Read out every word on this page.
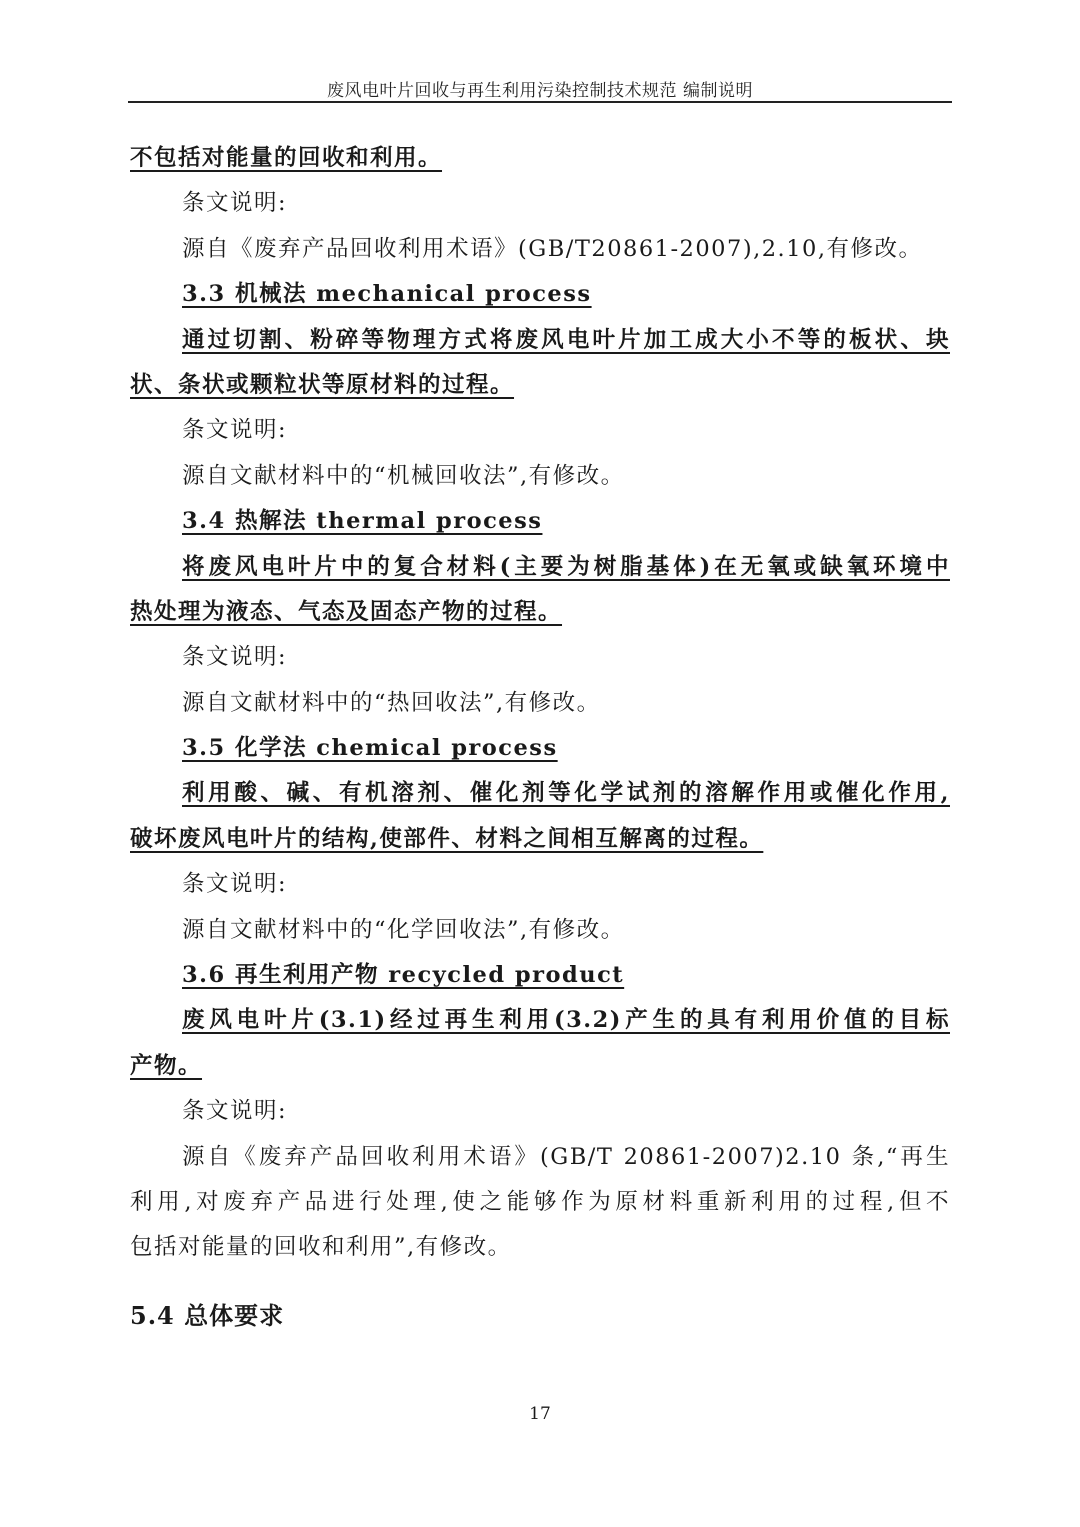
废风电叶片回收与再生利用污染控制技术规范 编制说明
不包括对能量的回收和利用。
条文说明:
源自《废弃产品回收利用术语》(GB/T20861-2007),2.10,有修改。
3.3 机械法 mechanical process
通过切割、粉碎等物理方式将废风电叶片加工成大小不等的板状、块
状、条状或颗粒状等原材料的过程。
条文说明:
源自文献材料中的“机械回收法”,有修改。
3.4 热解法 thermal process
将废风电叶片中的复合材料(主要为树脂基体)在无氧或缺氧环境中
热处理为液态、气态及固态产物的过程。
条文说明:
源自文献材料中的“热回收法”,有修改。
3.5 化学法 chemical process
利用酸、碱、有机溶剂、催化剂等化学试剂的溶解作用或催化作用,
破坏废风电叶片的结构,使部件、材料之间相互解离的过程。
条文说明:
源自文献材料中的“化学回收法”,有修改。
3.6 再生利用产物 recycled product
废风电叶片(3.1)经过再生利用(3.2)产生的具有利用价值的目标
产物。
条文说明:
源自《废弃产品回收利用术语》(GB/T 20861-2007)2.10 条,“再生
利用,对废弃产品进行处理,使之能够作为原材料重新利用的过程,但不
包括对能量的回收和利用”,有修改。
5.4 总体要求
17
